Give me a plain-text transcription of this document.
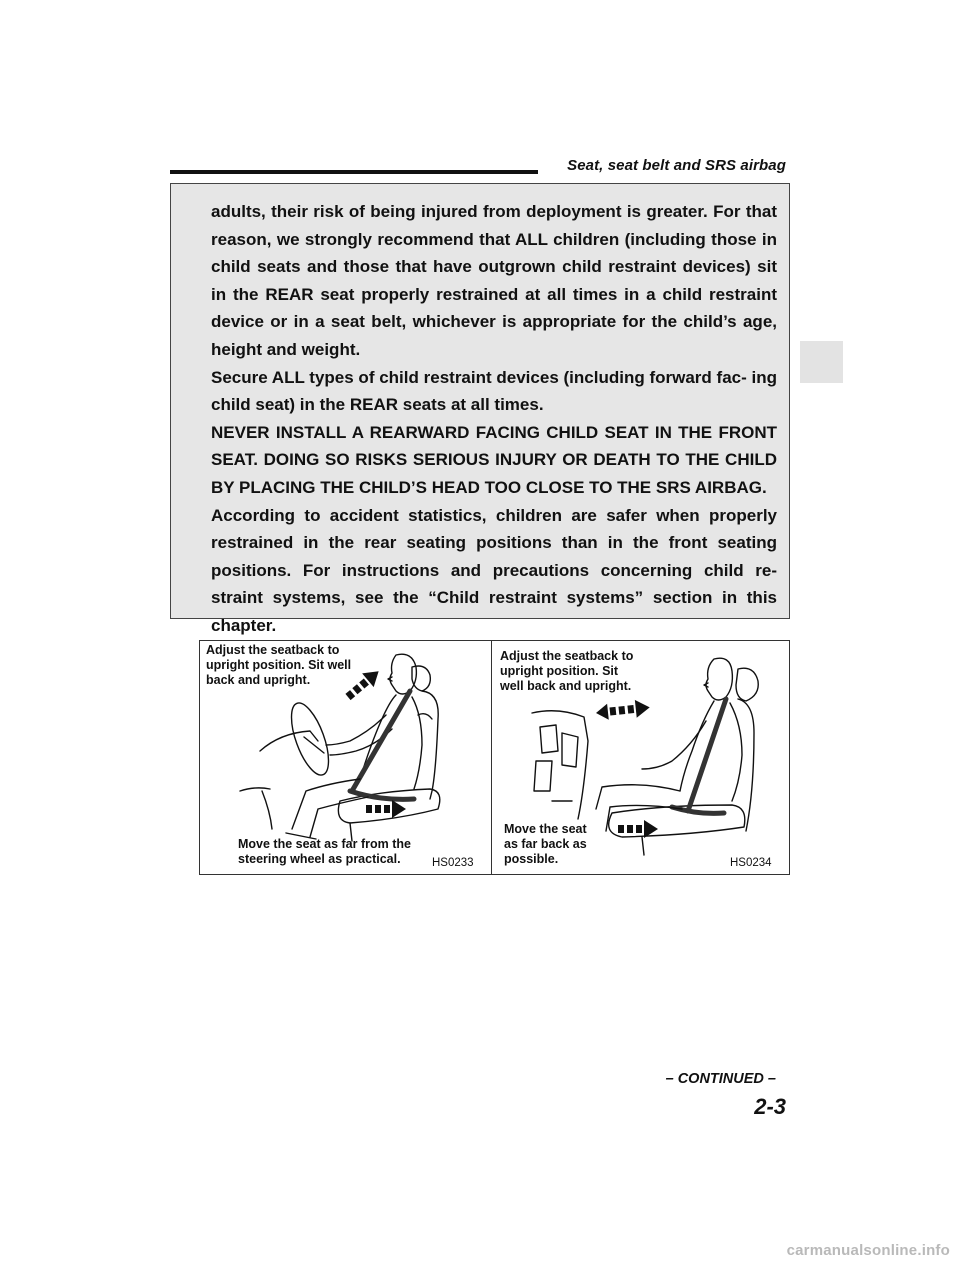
Seat, seat belt and SRS airbag

adults, their risk of being injured from deployment is greater. For that reason, we strongly recommend that ALL children (including those in child seats and those that have outgrown child restraint devices) sit in the REAR seat properly restrained at all times in a child restraint device or in a seat belt, whichever is appropriate for the child’s age, height and weight.

Secure ALL types of child restraint devices (including forward fac- ing child seat) in the REAR seats at all times.

NEVER INSTALL A REARWARD FACING CHILD SEAT IN THE FRONT SEAT. DOING SO RISKS SERIOUS INJURY OR DEATH TO THE CHILD BY PLACING THE CHILD’S HEAD TOO CLOSE TO THE SRS AIRBAG.

According to accident statistics, children are safer when properly restrained in the rear seating positions than in the front seating positions. For instructions and precautions concerning child re- straint systems, see the “Child restraint systems” section in this chapter.

Adjust the seatback to
upright position. Sit well
back and upright.
Move the seat as far from the
steering wheel as practical.	HS0233
Adjust the seatback to
upright position. Sit
well back and upright.
Move the seat
as far back as
possible.	HS0234
– CONTINUED –
2-3
carmanualsonline.info
